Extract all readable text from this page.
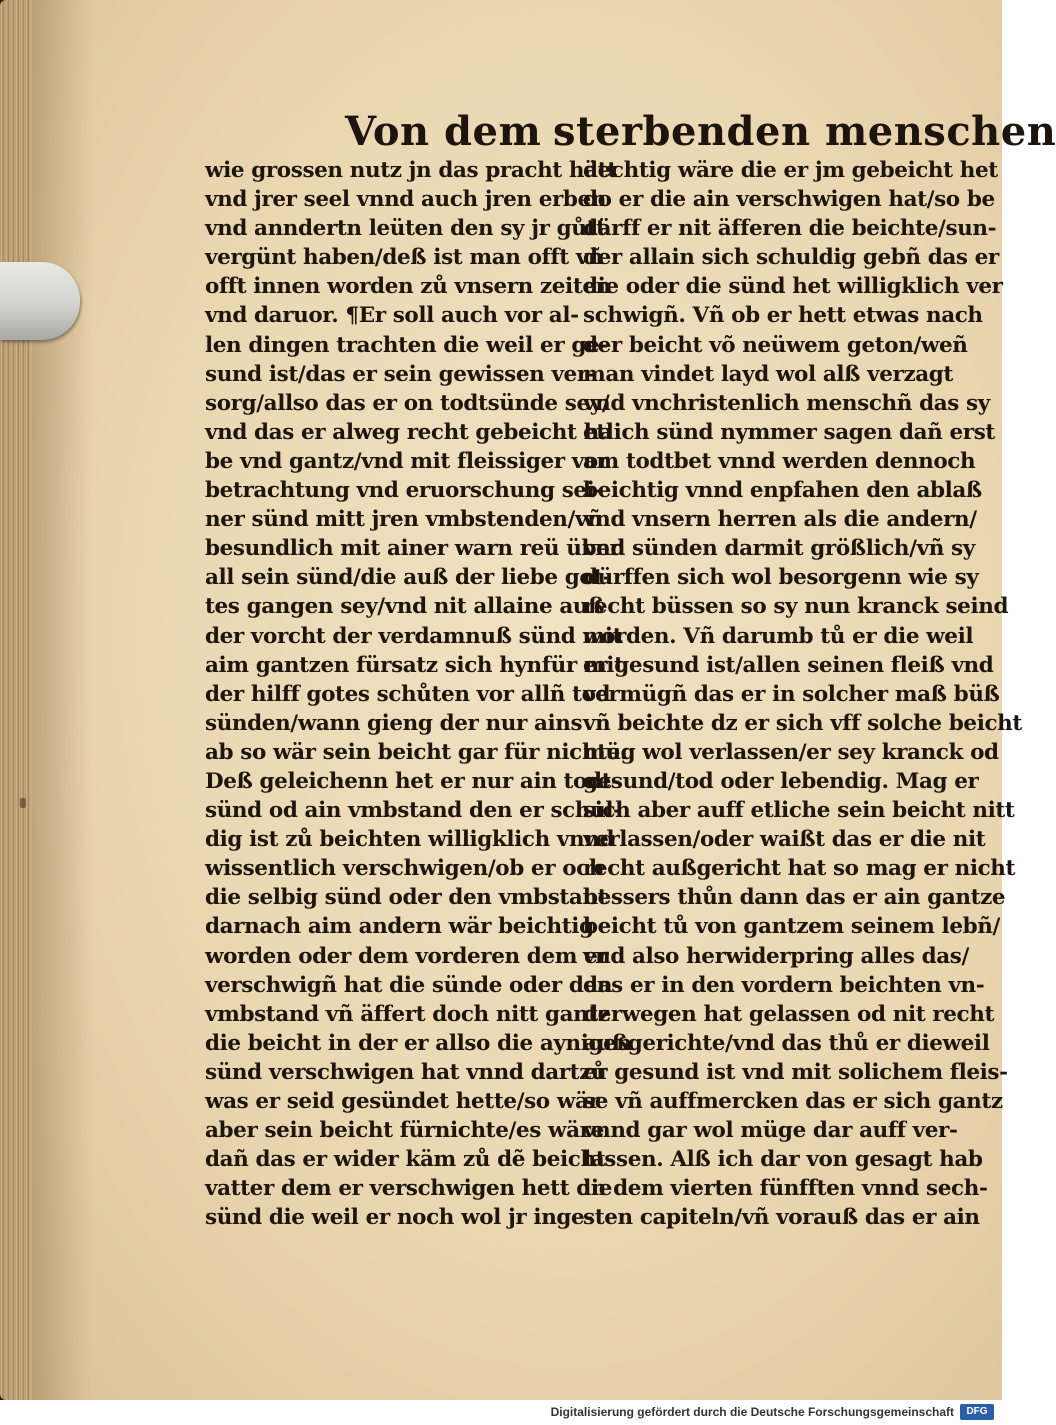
Von dem sterbenden menschen
wie grossen nutz jn das pracht hätt
vnd jrer seel vnnd auch jren erben
vnd anndertn leüten den sy jr gůtt
vergünt haben/deß ist man offt vñ
offt innen worden zů vnsern zeiten
vnd daruor. ¶Er soll auch vor al-
len dingen trachten die weil er ge-
sund ist/das er sein gewissen ver-
sorg/allso das er on todtsünde sey/
vnd das er alweg recht gebeicht ha
be vnd gantz/vnd mit fleissiger vor
betrachtung vnd eruorschung sei-
ner sünd mitt jren vmbstenden/vñ
besundlich mit ainer warn reü über
all sein sünd/die auß der liebe got-
tes gangen sey/vnd nit allaine auß
der vorcht der verdamnuß sünd mit
aim gantzen fürsatz sich hynfür mit
der hilff gotes schůten vor allñ tod
sünden/wann gieng der nur ains
ab so wär sein beicht gar für nichte.
Deß geleichenn het er nur ain todt-
sünd od ain vmbstand den er schul-
dig ist zů beichten willigklich vnnd
wissentlich verschwigen/ob er och
die selbig sünd oder den vmbstant
darnach aim andern wär beichtig
worden oder dem vorderen dem er
verschwigñ hat die sünde oder den
vmbstand vñ äffert doch nitt gantz
die beicht in der er allso die aynigen
sünd verschwigen hat vnnd dartzů
was er seid gesündet hette/so wär
aber sein beicht fürnichte/es wäre
dañ das er wider käm zů dẽ beicht-
vatter dem er verschwigen hett die
sünd die weil er noch wol jr inge-
dechtig wäre die er jm gebeicht het
do er die ain verschwigen hat/so be
därff er nit äfferen die beichte/sun-
der allain sich schuldig gebñ das er
die oder die sünd het willigklich ver
schwigñ. Vñ ob er hett etwas nach
der beicht võ neüwem geton/weñ
man vindet layd wol alß verzagt
vnd vnchristenlich menschñ das sy
etlich sünd nymmer sagen dañ erst
am todtbet vnnd werden dennoch
beichtig vnnd enpfahen den ablaß
vnd vnsern herren als die andern/
vnd sünden darmit größlich/vñ sy
dürffen sich wol besorgenn wie sy
recht büssen so sy nun kranck seind
worden. Vñ darumb tů er die weil
er gesund ist/allen seinen fleiß vnd
vermügñ das er in solcher maß büß
vñ beichte dz er sich vff solche beicht
müg wol verlassen/er sey kranck od
gesund/tod oder lebendig. Mag er
sich aber auff etliche sein beicht nitt
verlassen/oder waißt das er die nit
recht außgericht hat so mag er nicht
bessers thůn dann das er ain gantze
beicht tů von gantzem seinem lebñ/
vnd also herwiderpring alles das/
das er in den vordern beichten vn-
derwegen hat gelassen od nit recht
außgerichte/vnd das thů er dieweil
er gesund ist vnd mit solichem fleis-
se vñ auffmercken das er sich gantz
vnnd gar wol müge dar auff ver-
lassen. Alß ich dar von gesagt hab
in dem vierten fünfften vnnd sech-
sten capiteln/vñ vorauß das er ain
Digitalisierung gefördert durch die Deutsche Forschungsgemeinschaft	DFG
